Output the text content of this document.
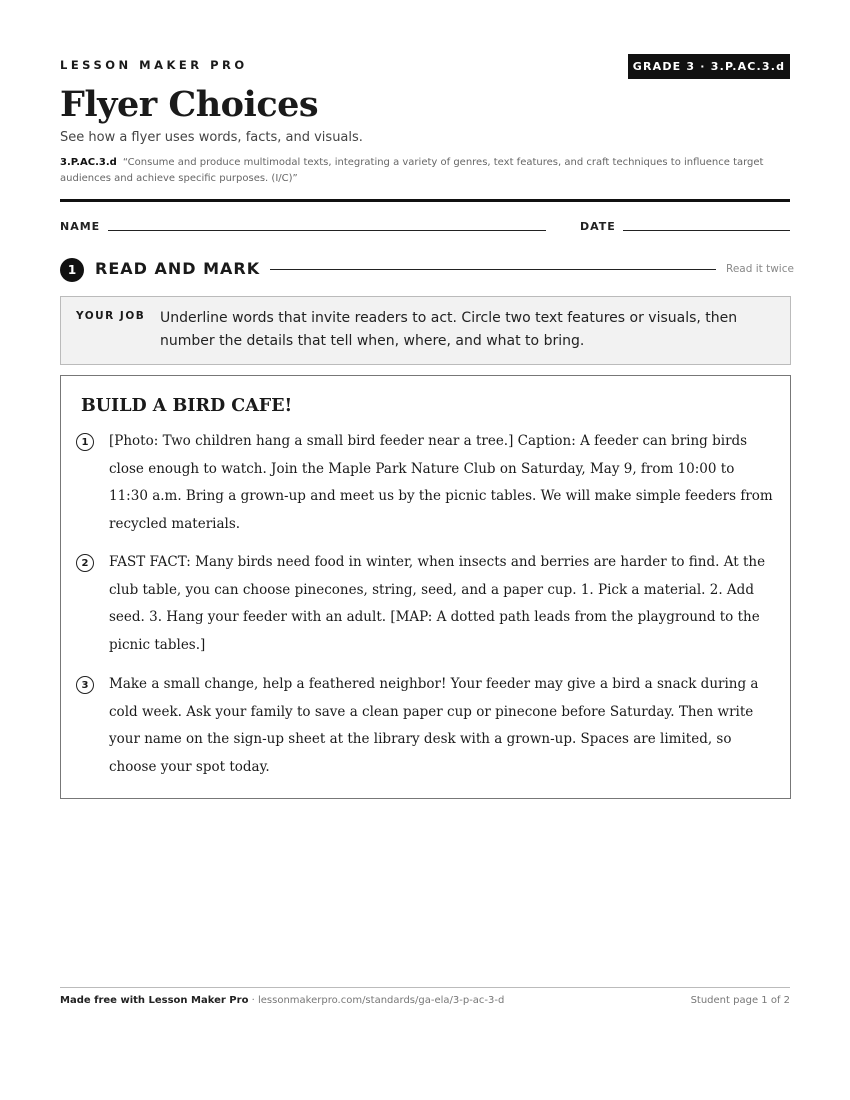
LESSON MAKER PRO	GRADE 3 · 3.P.AC.3.d
Flyer Choices
See how a flyer uses words, facts, and visuals.
3.P.AC.3.d “Consume and produce multimodal texts, integrating a variety of genres, text features, and craft techniques to influence target audiences and achieve specific purposes. (I/C)”
NAME	DATE
1	READ AND MARK	Read it twice
YOUR JOB Underline words that invite readers to act. Circle two text features or visuals, then number the details that tell when, where, and what to bring.
BUILD A BIRD CAFE!
1	[Photo: Two children hang a small bird feeder near a tree.] Caption: A feeder can bring birds close enough to watch. Join the Maple Park Nature Club on Saturday, May 9, from 10:00 to 11:30 a.m. Bring a grown-up and meet us by the picnic tables. We will make simple feeders from recycled materials.
2	FAST FACT: Many birds need food in winter, when insects and berries are harder to find. At the club table, you can choose pinecones, string, seed, and a paper cup. 1. Pick a material. 2. Add seed. 3. Hang your feeder with an adult. [MAP: A dotted path leads from the playground to the picnic tables.]
3	Make a small change, help a feathered neighbor! Your feeder may give a bird a snack during a cold week. Ask your family to save a clean paper cup or pinecone before Saturday. Then write your name on the sign-up sheet at the library desk with a grown-up. Spaces are limited, so choose your spot today.
Made free with Lesson Maker Pro · lessonmakerpro.com/standards/ga-ela/3-p-ac-3-d	Student page 1 of 2
